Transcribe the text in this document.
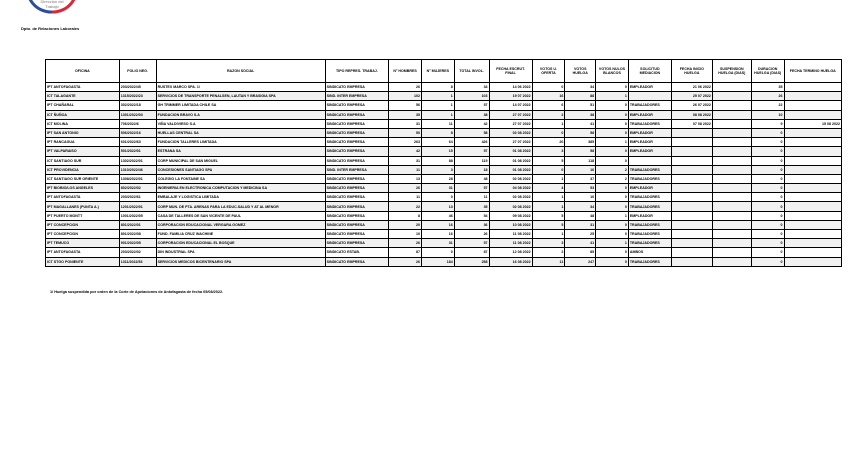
Dirección del
Trabajo
Dpto. de Relaciones Laborales
OFICINA	FOLIO NEG.	RAZON SOCIAL	TIPO REPRES. TRABAJ.	N° HOMBRES	N° MUJERES	TOTAL INVOL.	FECHA ESCRUT. FINAL	VOTOS U. OFERTA	VOTOS HUELGA	VOTOS NULOS BLANCOS	SOLICITUD MEDIACION	FECHA INICIO HUELGA	SUSPENSION HUELGA (DIAS)	DURACION HUELGA (DIAS)	FECHA TERMINO HUELGA
IPT ANTOFAGASTA	203/2022/45	RUSTEX MARCO SPA. 1/	SINDICATO EMPRESA	26	8	34	14 06 2022	0	34	0	EMPLEADOR	21 06 2022		35	
ICT TALAGANTE	1315/2022/23	SERVICIOS DE TRANSPORTE PENALSEN, LAUTAN Y BRASIGIA SPA	SIND. INTER EMPRESA	102	1	103	19 07 2022	16	88	1		25 07 2022		26	
IPT CHAÑARAL	302/2022/18	GH TRIMMER LIMITADA CHILE SA	SINDICATO EMPRESA	56	1	57	14 07 2022	6	51	0	TRABAJADORES	26 07 2022		22	
ICT ÑUÑOA	1301/2022/03	FUNDACION BRAVO S.A	SINDICATO EMPRESA	35	1	38	27 07 2022	2	38	0	EMPLEADOR	08 08 2022		10	
ICT MOLINA	706/2022/6	VIÑA VALDIVIESO S.A	SINDICATO EMPRESA	31	11	42	27 07 2022	1	41	0	TRABAJADORES	07 08 2022		9	15 08 2022
IPT SAN ANTONIO	506/2022/16	HUELLAS CENTRAL SA	SINDICATO EMPRESA	50	8	58	02 08 2022	0	58	0	EMPLEADOR			0	
IPT RANCAGUA	601/2022/63	FUNDACION TALLERES LIMITADA	SINDICATO EMPRESA	263	64	426	27 07 2022	20	385	1	EMPLEADOR			0	
IPT VALPARAISO	501/2022/01	ESTRANA SA	SINDICATO EMPRESA	42	15	57	01 08 2022	3	58	0	EMPLEADOR			0	
ICT SANTIAGO SUR	1302/2022/01	CORP MUNICIPAL DE SAN MIGUEL	SINDICATO EMPRESA	31	88	119	01 08 2022	5	118	0				0	
ICT PROVIDENCIA	1310/2022/46	CONCESIONES SANTIAGO SPA	SIND. INTER EMPRESA	11	3	18	01 08 2022	0	16	2	TRABAJADORES			0	
ICT SANTIAGO SUR ORIENTE	1308/2022/01	COLEGIO LA FONTAINE SA	SINDICATO EMPRESA	13	28	48	02 08 2022	1	37	2	TRABAJADORES			0	
IPT BIOBIO/LOS ANGELES	802/2022/02	INGENIERIA EN ELECTRONICA COMPUTACION Y MEDICINA SA	SINDICATO EMPRESA	26	31	57	04 08 2022	4	53	0	EMPLEADOR			0	
IPT ANTOFAGASTA	203/2022/61	EMBALAJE Y LOGISTICA LIMITADA	SINDICATO EMPRESA	11	0	11	02 08 2022	1	10	0	TRABAJADORES			0	
IPT MAGALLANES (PUNTA A.)	1201/2022/01	CORP MUN. DE PTA. ARENAS PARA LA EDUC.SALUD Y AT AL MENOR	SINDICATO EMPRESA	22	13	35	02 08 2022	1	34	0	TRABAJADORES			0	
IPT PUERTO MONTT	1001/2022/05	CASA DE TALLERES DE SAN VICENTE DE PAUL	SINDICATO EMPRESA	8	46	54	09 08 2022	5	48	1	EMPLEADOR			0	
IPT CONCEPCION	801/2022/01	CORPORACION EDUCACIONAL VERGARA GOMEZ	SINDICATO EMPRESA	20	16	36	10 08 2022	5	31	0	TRABAJADORES			0	
IPT CONCEPCION	801/2022/08	FUND. FAMILIA CRUZ INACHINE	SINDICATO EMPRESA	10	16	26	11 08 2022	1	25	0	TRABAJADORES			0	
IPT TEMUCO	901/2022/05	CORPORACION EDUCACIONAL EL BOSQUE	SINDICATO EMPRESA	26	31	57	11 08 2022	3	41	1	TRABAJADORES			0	
IPT ANTOFAGASTA	203/2022/02	DIN INDUSTRIAL SPA	SINDICATO ESTAB.	87	0	87	12 08 2022	2	85	0	AMBOS			0	
ICT STGO PONIENTE	1311/2022/53	SERVICIOS MEDICOS BICENTENARIO SPA	SINDICATO EMPRESA	26	184	258	16 08 2022	11	247	0	TRABAJADORES			0	
1/ Huelga suspendida por orden de la Corte de Apelaciones de Antofagasta de fecha 05/08/2022.
